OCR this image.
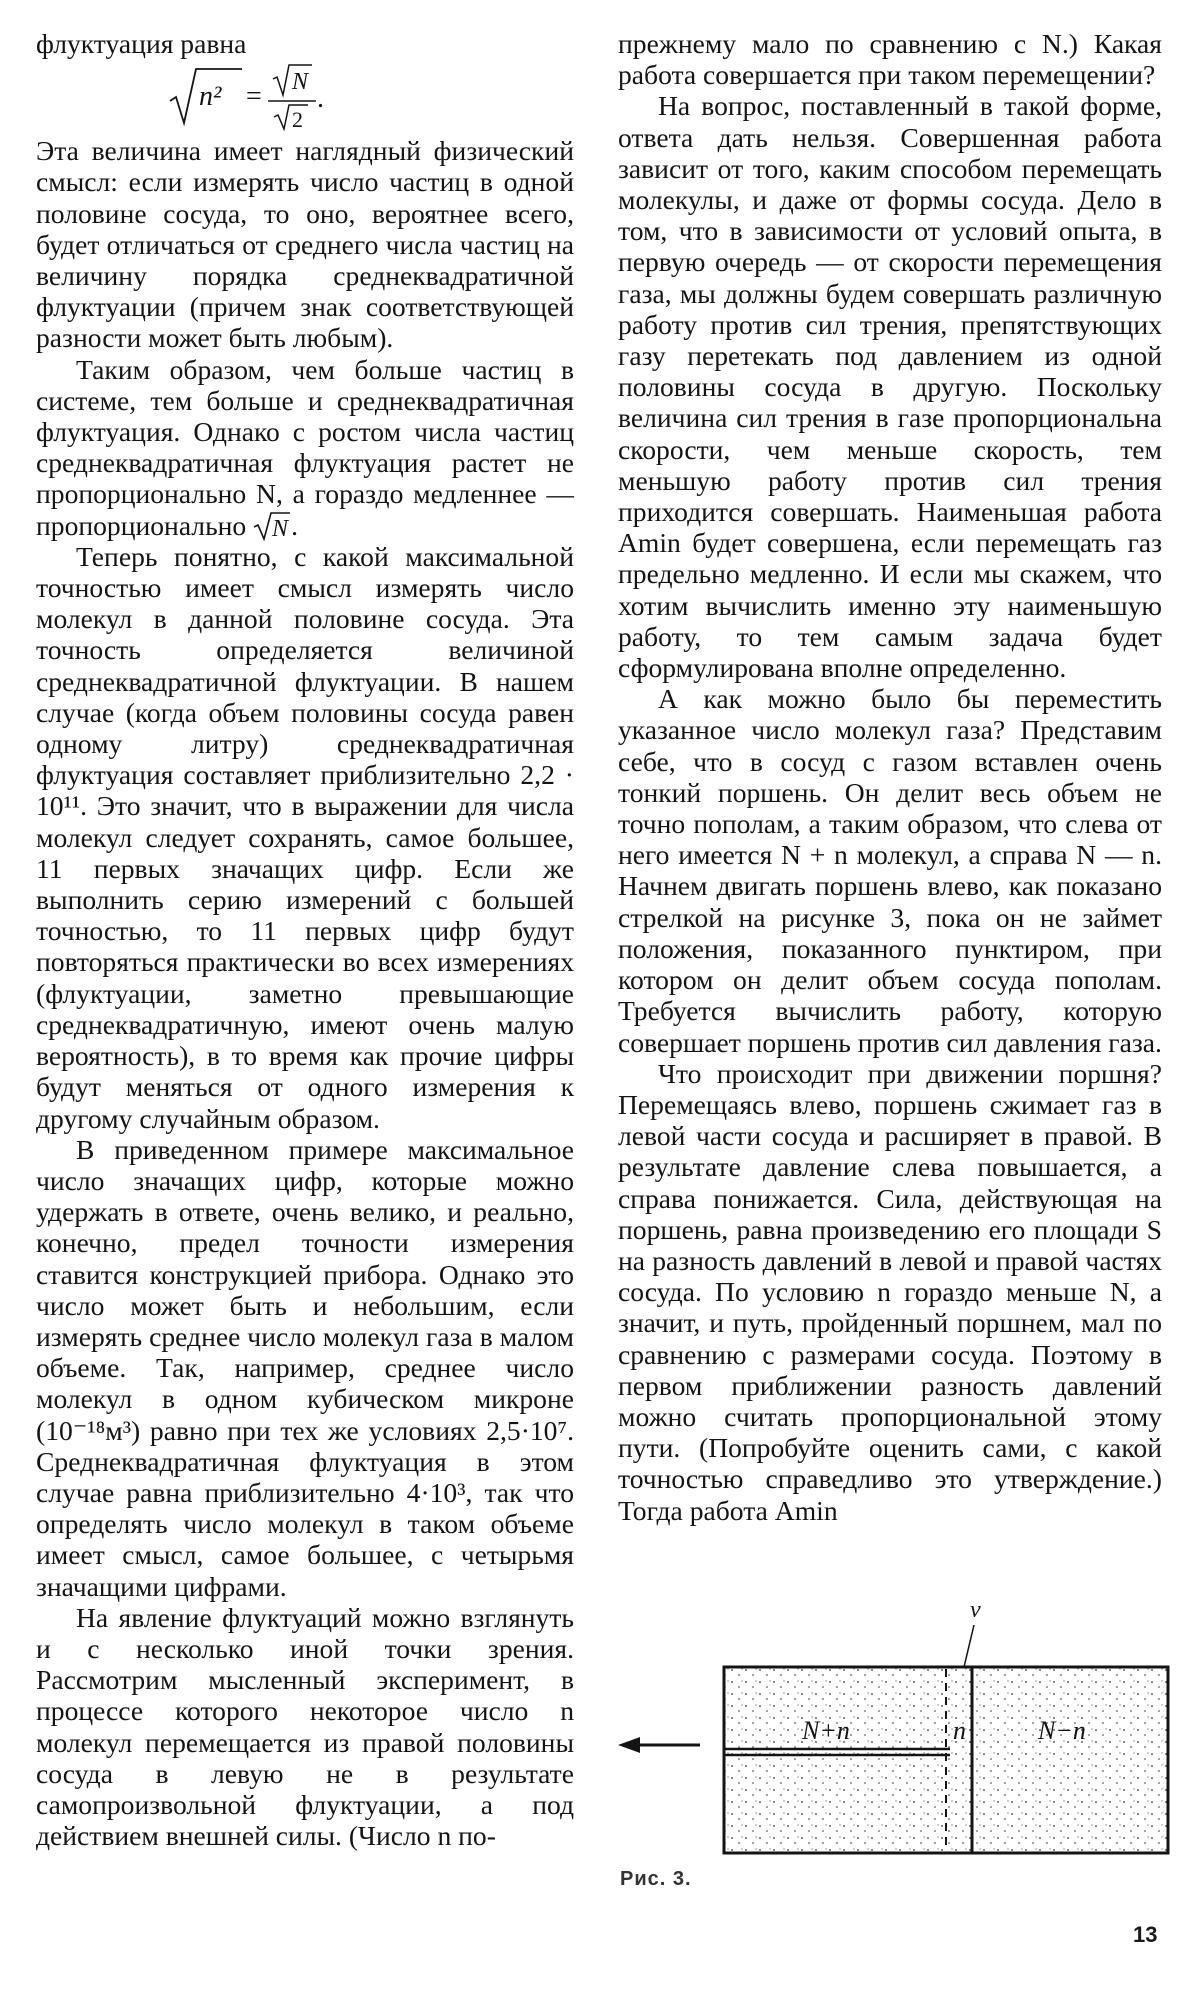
флуктуация равна

n² = N
2
.

Эта величина имеет наглядный физический смысл: если измерять число частиц в одной половине сосуда, то оно, вероятнее всего, будет отличаться от среднего числа частиц на величину порядка среднеквадратичной флуктуации (причем знак соответствующей разности может быть любым).

Таким образом, чем больше частиц в системе, тем больше и среднеквадратичная флуктуация. Однако с ростом числа частиц среднеквадратичная флуктуация растет не пропорционально N, а гораздо медленнее — пропорционально N .

Теперь понятно, с какой максимальной точностью имеет смысл измерять число молекул в данной половине сосуда. Эта точность определяется величиной среднеквадратичной флуктуации. В нашем случае (когда объем половины сосуда равен одному литру) среднеквадратичная флуктуация составляет приблизительно 2,2 · 10¹¹. Это значит, что в выражении для числа молекул следует сохранять, самое большее, 11 первых значащих цифр. Если же выполнить серию измерений с большей точностью, то 11 первых цифр будут повторяться практически во всех измерениях (флуктуации, заметно превышающие среднеквадратичную, имеют очень малую вероятность), в то время как прочие цифры будут меняться от одного измерения к другому случайным образом.

В приведенном примере максимальное число значащих цифр, которые можно удержать в ответе, очень велико, и реально, конечно, предел точности измерения ставится конструкцией прибора. Однако это число может быть и небольшим, если измерять среднее число молекул газа в малом объеме. Так, например, среднее число молекул в одном кубическом микроне (10⁻¹⁸м³) равно при тех же условиях 2,5·10⁷. Среднеквадратичная флуктуация в этом случае равна приблизительно 4·10³, так что определять число молекул в таком объеме имеет смысл, самое большее, с четырьмя значащими цифрами.

На явление флуктуаций можно взглянуть и с несколько иной точки зрения. Рассмотрим мысленный эксперимент, в процессе которого некоторое число n молекул перемещается из правой половины сосуда в левую не в результате самопроизвольной флуктуации, а под действием внешней силы. (Число n по-

прежнему мало по сравнению с N.) Какая работа совершается при таком перемещении?

На вопрос, поставленный в такой форме, ответа дать нельзя. Совершенная работа зависит от того, каким способом перемещать молекулы, и даже от формы сосуда. Дело в том, что в зависимости от условий опыта, в первую очередь — от скорости перемещения газа, мы должны будем совершать различную работу против сил трения, препятствующих газу перетекать под давлением из одной половины сосуда в другую. Поскольку величина сил трения в газе пропорциональна скорости, чем меньше скорость, тем меньшую работу против сил трения приходится совершать. Наименьшая работа Amin будет совершена, если перемещать газ предельно медленно. И если мы скажем, что хотим вычислить именно эту наименьшую работу, то тем самым задача будет сформулирована вполне определенно.

А как можно было бы переместить указанное число молекул газа? Представим себе, что в сосуд с газом вставлен очень тонкий поршень. Он делит весь объем не точно пополам, а таким образом, что слева от него имеется N + n молекул, а справа N — n. Начнем двигать поршень влево, как показано стрелкой на рисунке 3, пока он не займет положения, показанного пунктиром, при котором он делит объем сосуда пополам. Требуется вычислить работу, которую совершает поршень против сил давления газа.

Что происходит при движении поршня? Перемещаясь влево, поршень сжимает газ в левой части сосуда и расширяет в правой. В результате давление слева повышается, а справа понижается. Сила, действующая на поршень, равна произведению его площади S на разность давлений в левой и правой частях сосуда. По условию n гораздо меньше N, а значит, и путь, пройденный поршнем, мал по сравнению с размерами сосуда. Поэтому в первом приближении разность давлений можно считать пропорциональной этому пути. (Попробуйте оценить сами, с какой точностью справедливо это утверждение.) Тогда работа Amin

v
N+n	n	N−n
Рис. 3.
13
